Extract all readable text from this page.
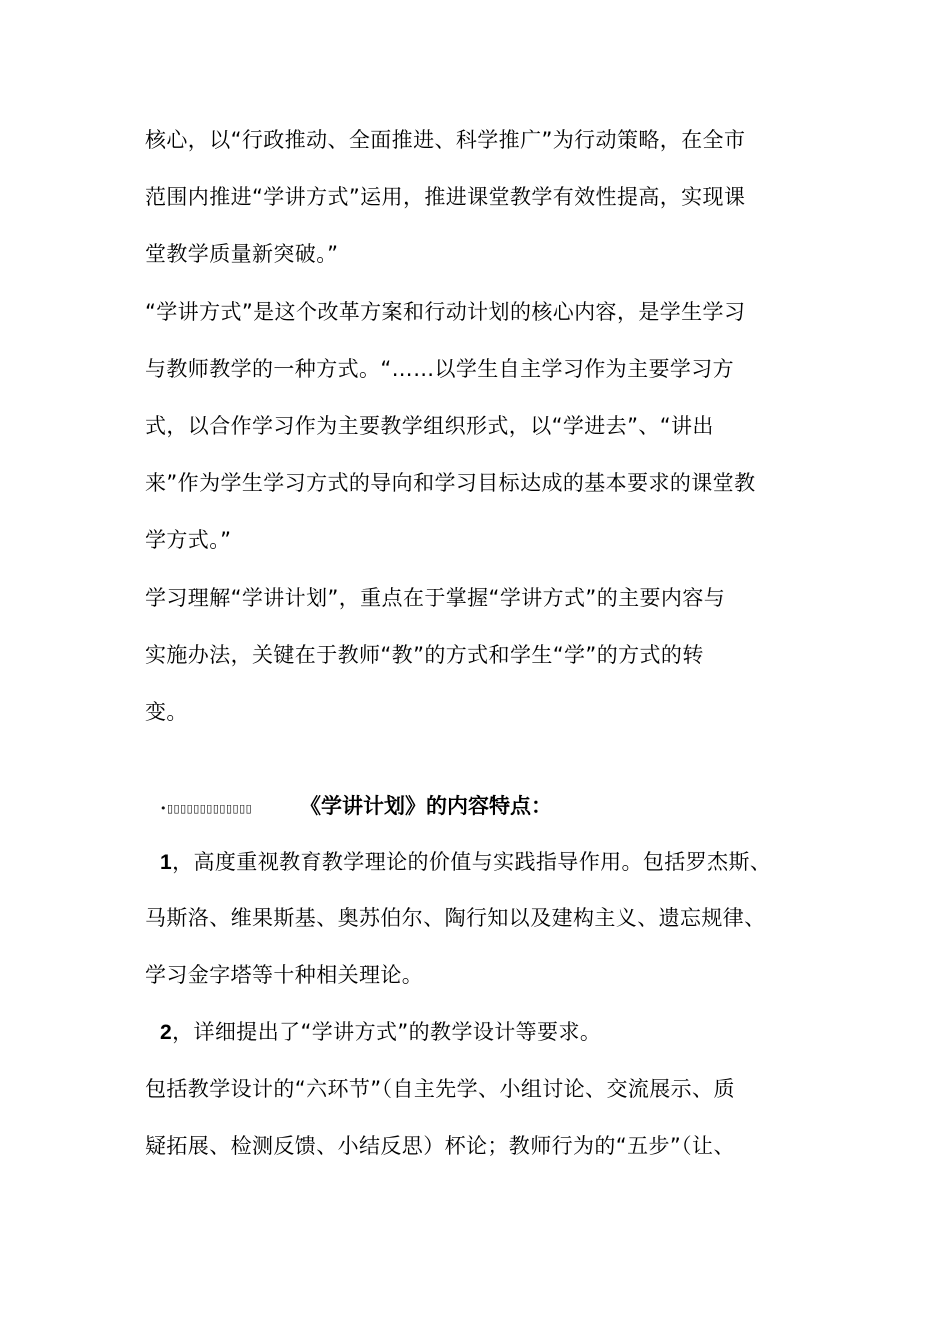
核心，以“行政推动、全面推进、科学推广”为行动策略，在全市
范围内推进“学讲方式”运用，推进课堂教学有效性提高，实现课
堂教学质量新突破。”
“学讲方式”是这个改革方案和行动计划的核心内容，是学生学习
与教师教学的一种方式。“……以学生自主学习作为主要学习方
式，以合作学习作为主要教学组织形式，以“学进去”、“讲出
来”作为学生学习方式的导向和学习目标达成的基本要求的课堂教
学方式。”
学习理解“学讲计划”，重点在于掌握“学讲方式”的主要内容与
实施办法，关键在于教师“教”的方式和学生“学”的方式的转
变。
•▯▯▯▯▯▯▯▯▯▯▯▯▯ 《学讲计划》的内容特点：
1，高度重视教育教学理论的价值与实践指导作用。包括罗杰斯、
马斯洛、维果斯基、奥苏伯尔、陶行知以及建构主义、遗忘规律、
学习金字塔等十种相关理论。
2，详细提出了“学讲方式”的教学设计等要求。
包括教学设计的“六环节”（自主先学、小组讨论、交流展示、质
疑拓展、检测反馈、小结反思）杯论；教师行为的“五步”（让、
